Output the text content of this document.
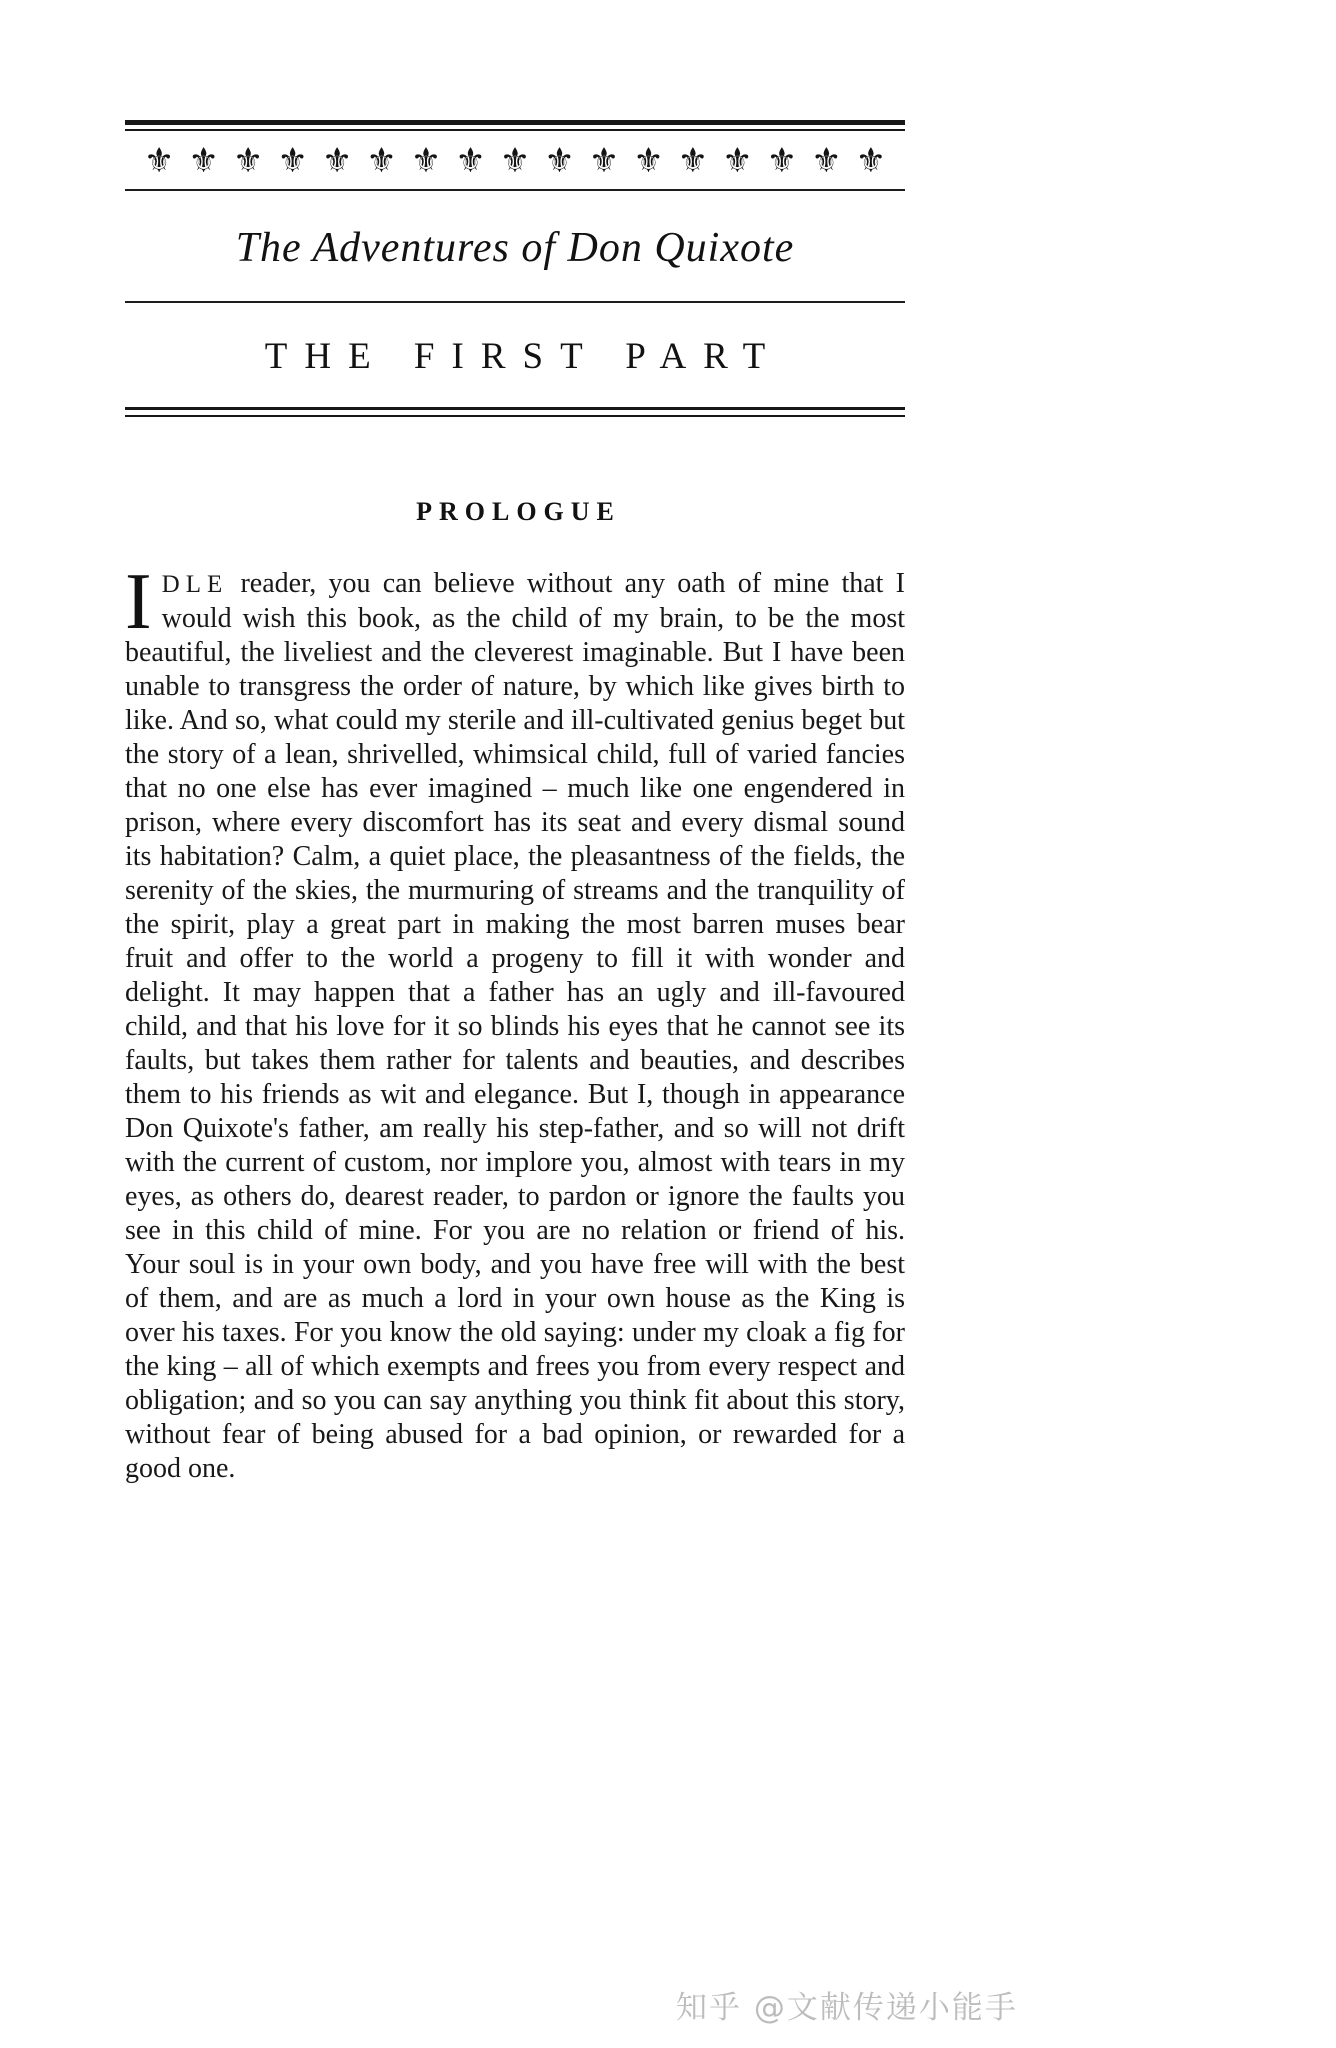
⚜⚜⚜⚜⚜⚜⚜⚜⚜⚜⚜⚜⚜⚜⚜⚜⚜
The Adventures of Don Quixote
THE FIRST PART
PROLOGUE

IDLE reader, you can believe without any oath of mine that I would wish this book, as the child of my brain, to be the most beautiful, the liveliest and the cleverest imaginable. But I have been unable to transgress the order of nature, by which like gives birth to like. And so, what could my sterile and ill-cultivated genius beget but the story of a lean, shrivelled, whimsical child, full of varied fancies that no one else has ever imagined – much like one engendered in prison, where every discomfort has its seat and every dismal sound its habitation? Calm, a quiet place, the pleasantness of the fields, the serenity of the skies, the murmuring of streams and the tranquility of the spirit, play a great part in making the most barren muses bear fruit and offer to the world a progeny to fill it with wonder and delight. It may happen that a father has an ugly and ill-favoured child, and that his love for it so blinds his eyes that he cannot see its faults, but takes them rather for talents and beauties, and describes them to his friends as wit and elegance. But I, though in appearance Don Quixote's father, am really his step-father, and so will not drift with the current of custom, nor implore you, almost with tears in my eyes, as others do, dearest reader, to pardon or ignore the faults you see in this child of mine. For you are no relation or friend of his. Your soul is in your own body, and you have free will with the best of them, and are as much a lord in your own house as the King is over his taxes. For you know the old saying: under my cloak a fig for the king – all of which exempts and frees you from every respect and obligation; and so you can say anything you think fit about this story, without fear of being abused for a bad opinion, or rewarded for a good one.

知乎 @文献传递小能手
